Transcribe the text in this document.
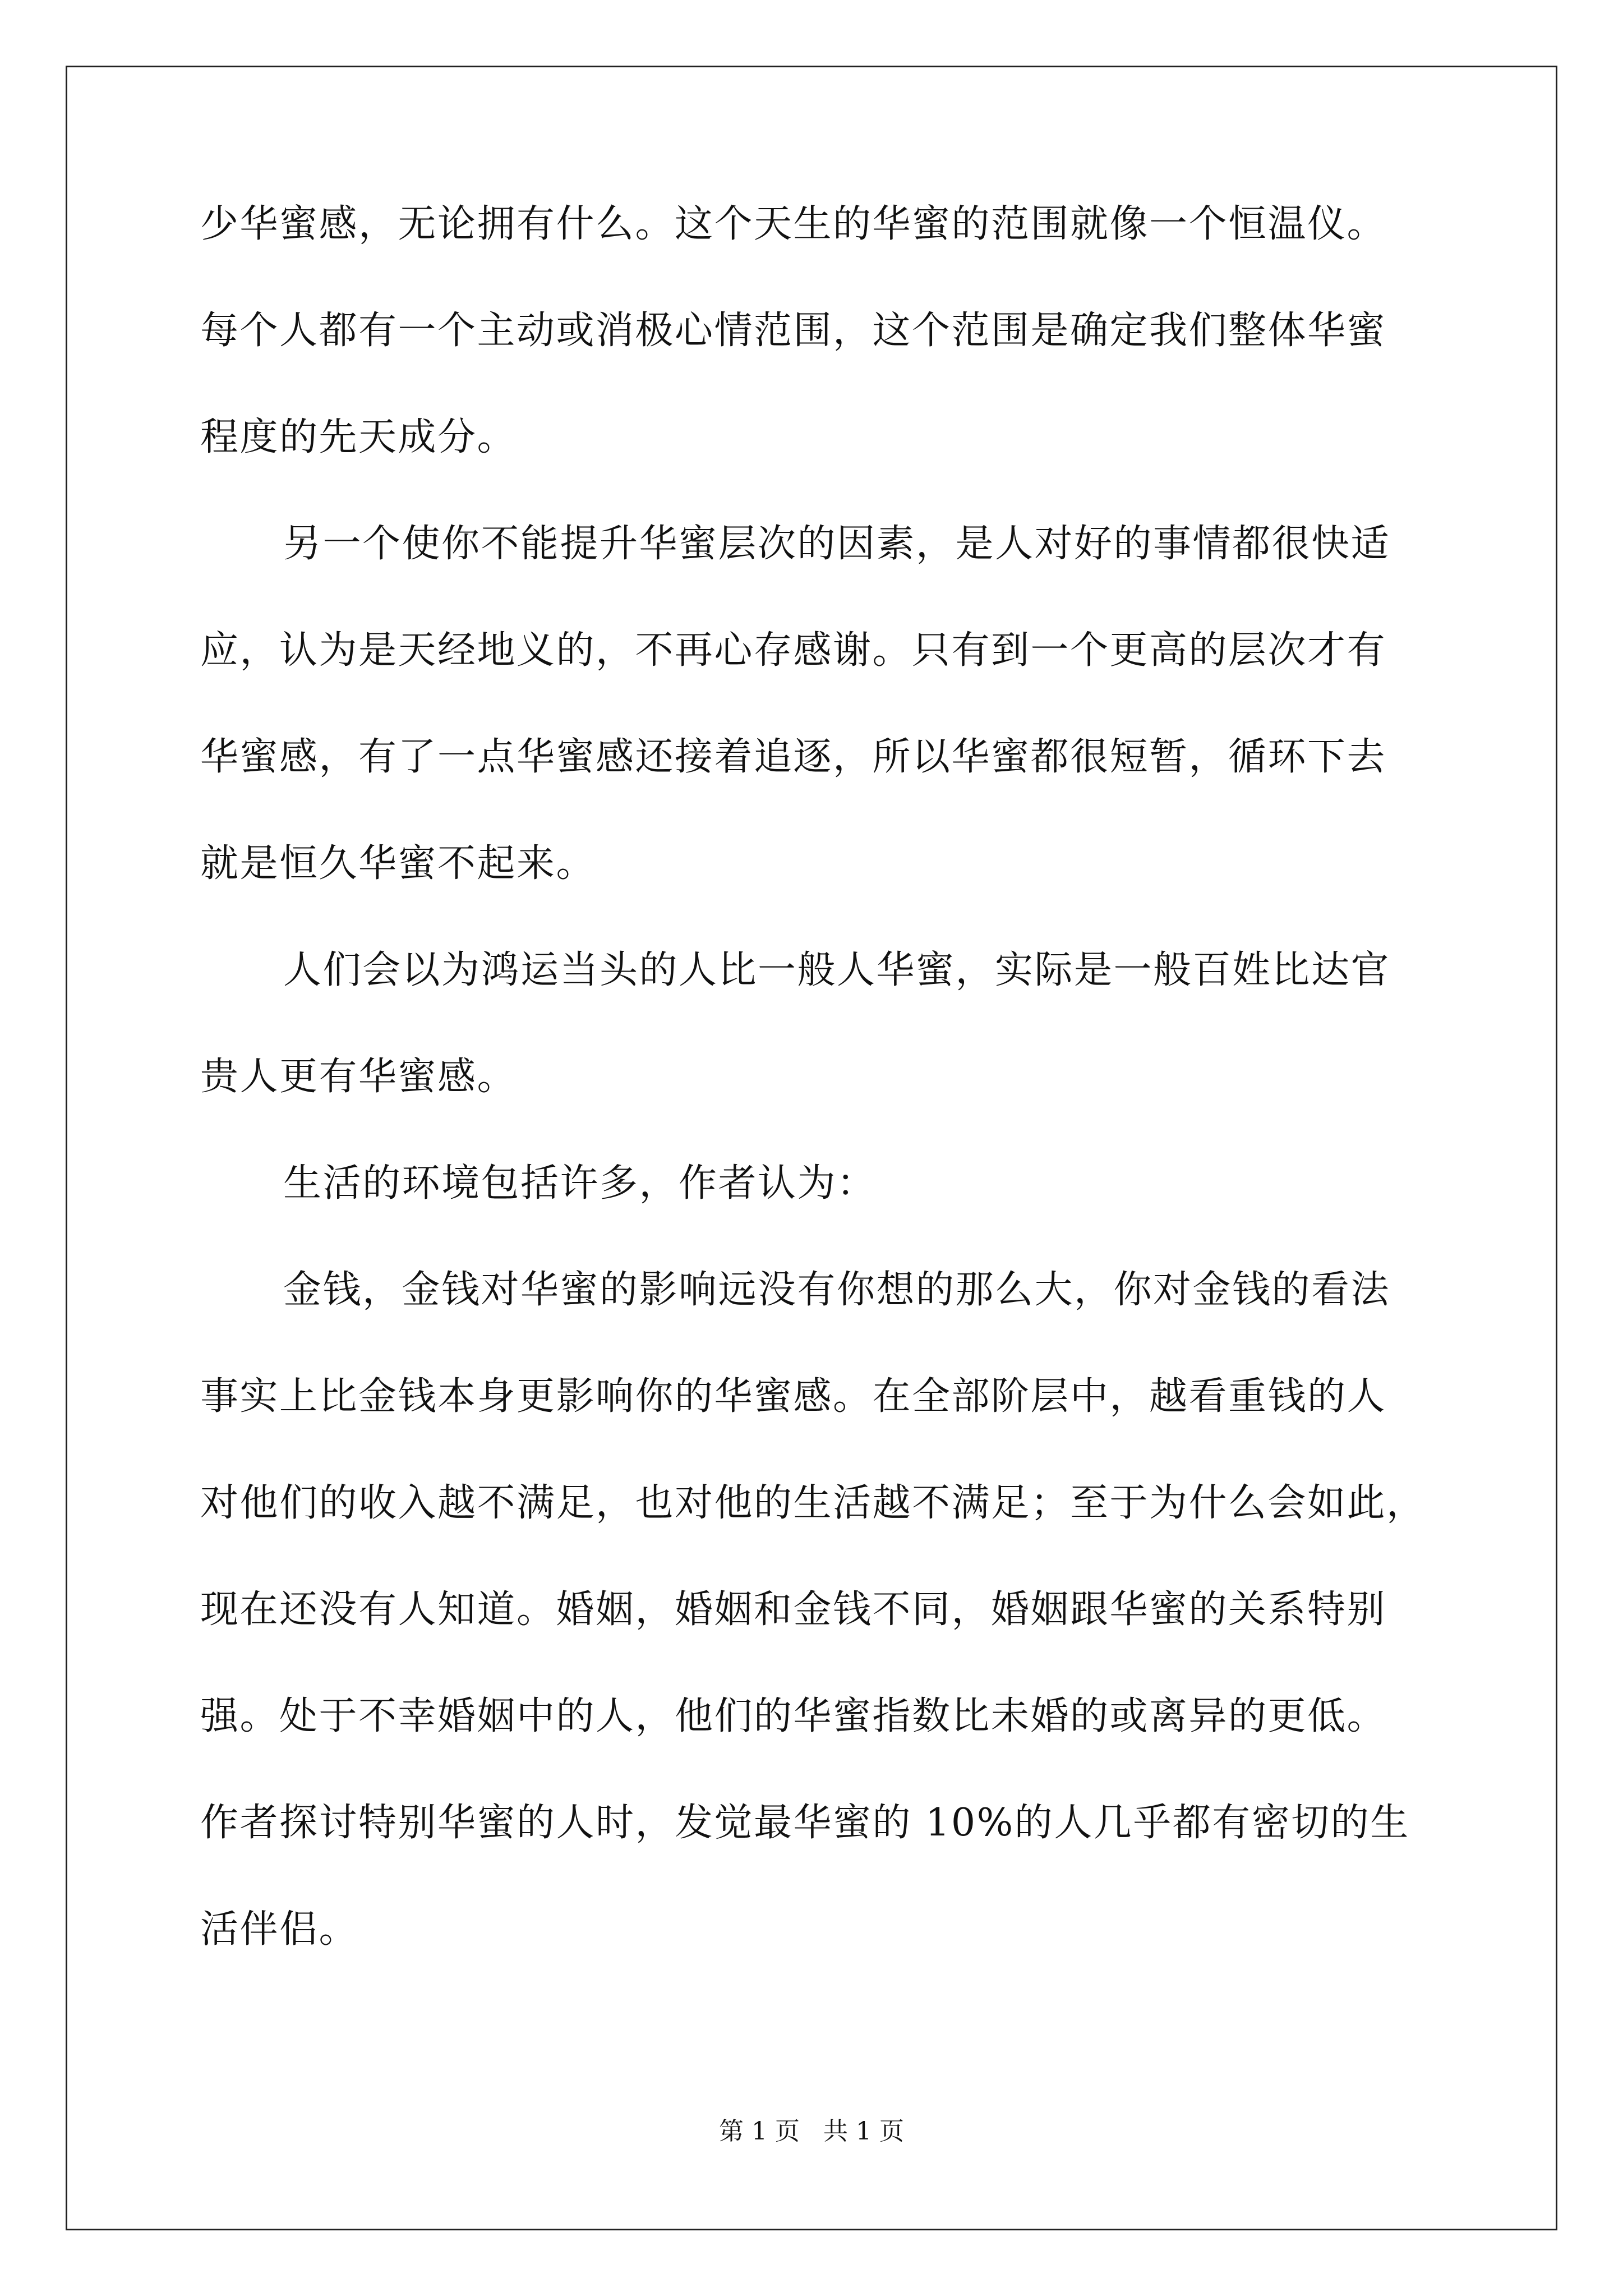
少华蜜感，无论拥有什么。这个天生的华蜜的范围就像一个恒温仪。
每个人都有一个主动或消极心情范围，这个范围是确定我们整体华蜜
程度的先天成分。
另一个使你不能提升华蜜层次的因素，是人对好的事情都很快适
应，认为是天经地义的，不再心存感谢。只有到一个更高的层次才有
华蜜感，有了一点华蜜感还接着追逐，所以华蜜都很短暂，循环下去
就是恒久华蜜不起来。
人们会以为鸿运当头的人比一般人华蜜，实际是一般百姓比达官
贵人更有华蜜感。
生活的环境包括许多，作者认为：
金钱，金钱对华蜜的影响远没有你想的那么大，你对金钱的看法
事实上比金钱本身更影响你的华蜜感。在全部阶层中，越看重钱的人
对他们的收入越不满足，也对他的生活越不满足；至于为什么会如此，
现在还没有人知道。婚姻，婚姻和金钱不同，婚姻跟华蜜的关系特别
强。处于不幸婚姻中的人，他们的华蜜指数比未婚的或离异的更低。
作者探讨特别华蜜的人时，发觉最华蜜的 10%的人几乎都有密切的生
活伴侣。
第 1 页   共 1 页
